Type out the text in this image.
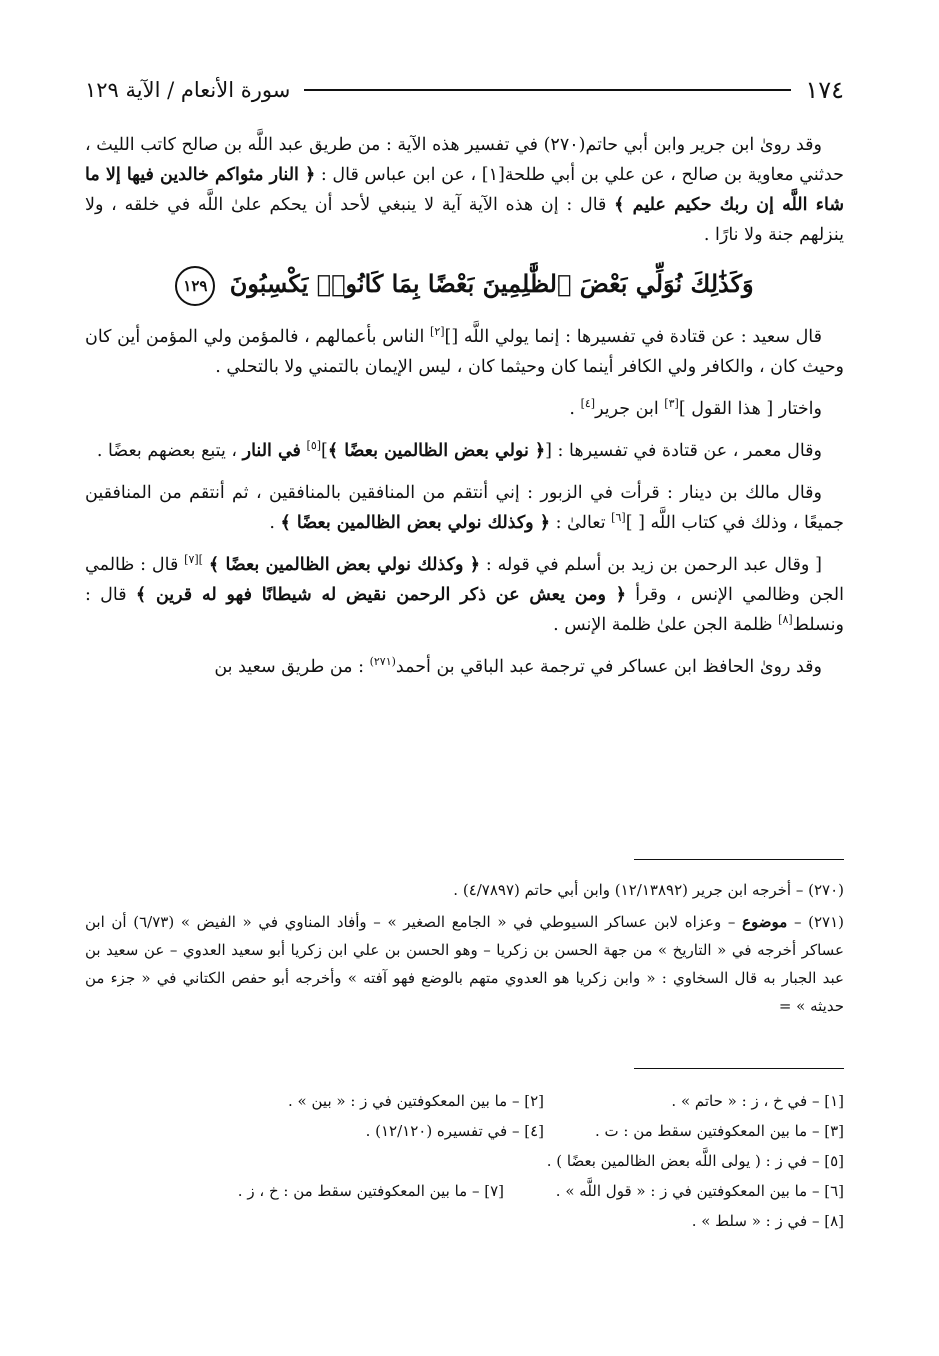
١٧٤
سورة الأنعام / الآية ١٢٩

وقد روىٰ ابن جرير وابن أبي حاتم(٢٧٠) في تفسير هذه الآية : من طريق عبد اللَّه بن صالح كاتب الليث ، حدثني معاوية بن صالح ، عن علي بن أبي طلحة[١] ، عن ابن عباس قال : ﴿ النار مثواكم خالدين فيها إلا ما شاء اللَّه إن ربك حكيم عليم ﴾ قال : إن هذه الآية آية لا ينبغي لأحد أن يحكم علىٰ اللَّه في خلقه ، ولا ينزلهم جنة ولا نارًا .

وَكَذَٰلِكَ نُوَلِّي بَعْضَ ٱلظَّٰلِمِينَ بَعْضًا بِمَا كَانُوا۟ يَكْسِبُونَ ١٢٩

قال سعيد : عن قتادة في تفسيرها : إنما يولي اللَّه [][٢] الناس بأعمالهم ، فالمؤمن ولي المؤمن أين كان وحيث كان ، والكافر ولي الكافر أينما كان وحيثما كان ، ليس الإيمان بالتمني ولا بالتحلي .

واختار [ هذا القول ][٣] ابن جرير[٤] .

وقال معمر ، عن قتادة في تفسيرها : [﴿ نولي بعض الظالمين بعضًا ﴾][٥] في النار ، يتبع بعضهم بعضًا .

وقال مالك بن دينار : قرأت في الزبور : إني أنتقم من المنافقين بالمنافقين ، ثم أنتقم من المنافقين جميعًا ، وذلك في كتاب اللَّه [ ][٦] تعالىٰ : ﴿ وكذلك نولي بعض الظالمين بعضًا ﴾ .

[ وقال عبد الرحمن بن زيد بن أسلم في قوله : ﴿ وكذلك نولي بعض الظالمين بعضًا ﴾ $^{][٧]}$ قال : ظالمي الجن وظالمي الإنس ، وقرأ ﴿ ومن يعش عن ذكر الرحمن نقيض له شيطانًا فهو له قرين ﴾ قال : ونسلط[٨] ظلمة الجن علىٰ ظلمة الإنس .

وقد روىٰ الحافظ ابن عساكر في ترجمة عبد الباقي بن أحمد$^{(٢٧١)}$ : من طريق سعيد بن

(٢٧٠) – أخرجه ابن جرير (١٢/١٣٨٩٢) وابن أبي حاتم (٤/٧٨٩٧) .

(٢٧١) – موضوع – وعزاه لابن عساكر السيوطي في « الجامع الصغير » – وأفاد المناوي في « الفيض » (٦/٧٣) أن ابن عساكر أخرجه في « التاريخ » من جهة الحسن بن زكريا – وهو الحسن بن علي ابن زكريا أبو سعيد العدوي – عن سعيد بن عبد الجبار به قال السخاوي : « وابن زكريا هو العدوي متهم بالوضع فهو آفته » وأخرجه أبو حفص الكتاني في « جزء من حديثه » =

[١] – في خ ، ز : « حاتم » .
[٢] – ما بين المعكوفتين في ز : « بين » .
[٣] – ما بين المعكوفتين سقط من : ت .
[٤] – في تفسيره (١٢/١٢٠) .
[٥] – في ز : ( يولى اللَّه بعض الظالمين بعضًا ) .
[٦] – ما بين المعكوفتين في ز : « قول اللَّه » .
[٧] – ما بين المعكوفتين سقط من : خ ، ز .
[٨] – في ز : « سلط » .
